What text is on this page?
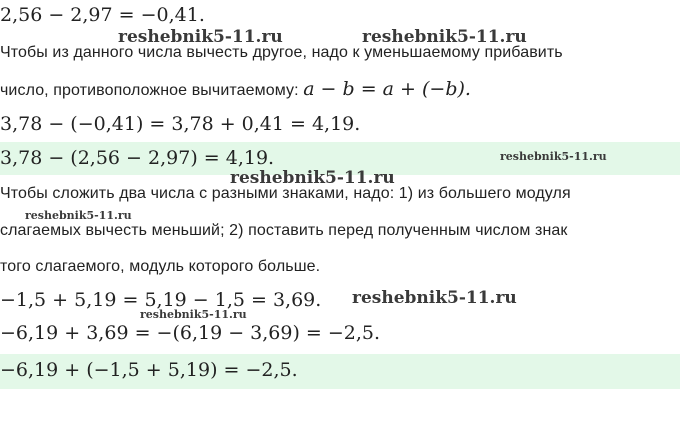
2,56 − 2,97 = −0,41.
Чтобы из данного числа вычесть другое, надо к уменьшаемому прибавить
число, противоположное вычитаемому: a − b = a + (−b).
3,78 − (−0,41) = 3,78 + 0,41 = 4,19.
3,78 − (2,56 − 2,97) = 4,19.
Чтобы сложить два числа с разными знаками, надо: 1) из большего модуля
слагаемых вычесть меньший; 2) поставить перед полученным числом знак
того слагаемого, модуль которого больше.
−1,5 + 5,19 = 5,19 − 1,5 = 3,69.
−6,19 + 3,69 = −(6,19 − 3,69) = −2,5.
−6,19 + (−1,5 + 5,19) = −2,5.
reshebnik5-11.ru	reshebnik5-11.ru
reshebnik5-11.ru
reshebnik5-11.ru
reshebnik5-11.ru
reshebnik5-11.ru
reshebnik5-11.ru
